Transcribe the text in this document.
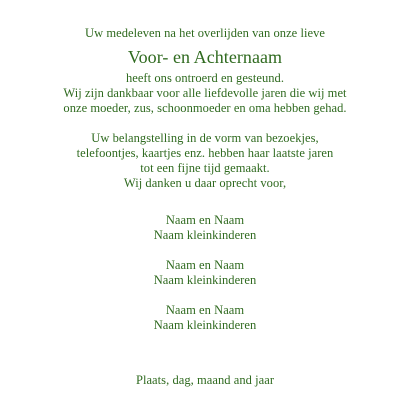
Uw medeleven na het overlijden van onze lieve
Voor- en Achternaam
heeft ons ontroerd en gesteund.
Wij zijn dankbaar voor alle liefdevolle jaren die wij met
onze moeder, zus, schoonmoeder en oma hebben gehad.
Uw belangstelling in de vorm van bezoekjes,
telefoontjes, kaartjes enz. hebben haar laatste jaren
tot een fijne tijd gemaakt.
Wij danken u daar oprecht voor,
Naam en Naam
Naam kleinkinderen
Naam en Naam
Naam kleinkinderen
Naam en Naam
Naam kleinkinderen
Plaats, dag, maand and jaar
